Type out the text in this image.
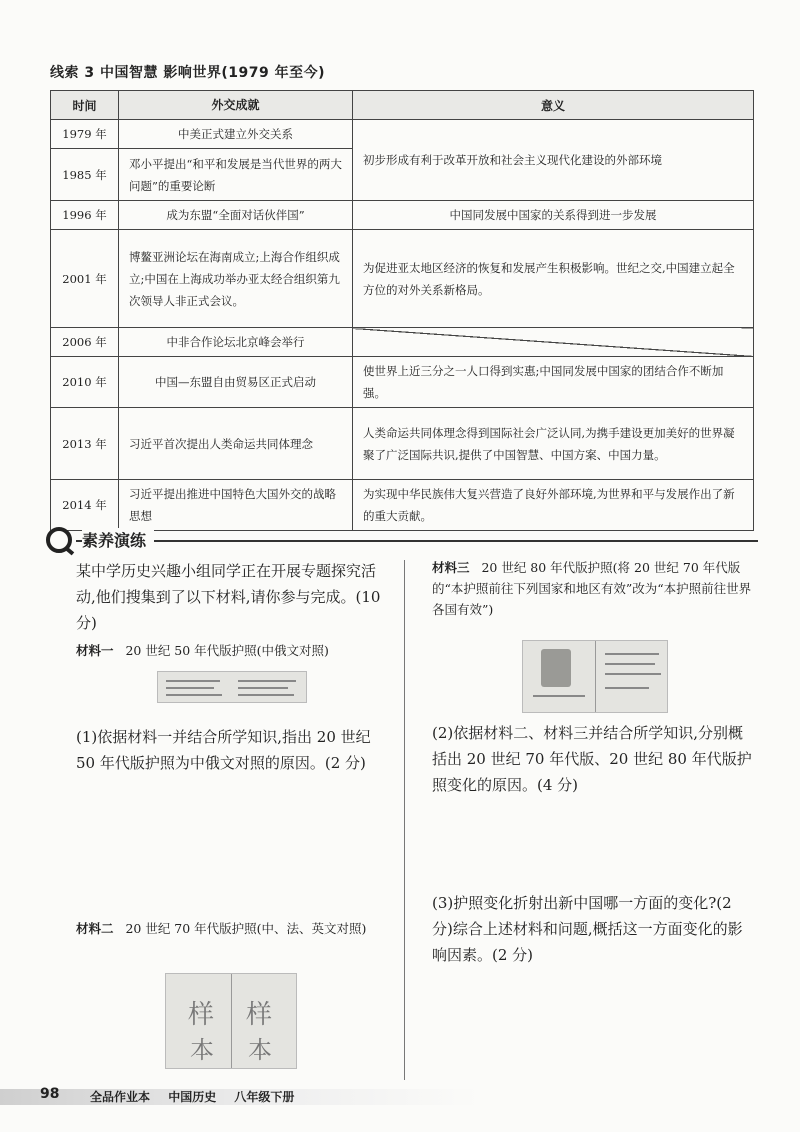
线索 3 中国智慧 影响世界(1979 年至今)
时间	外交成就	意义
1979 年	中美正式建立外交关系	初步形成有利于改革开放和社会主义现代化建设的外部环境
1985 年	邓小平提出“和平和发展是当代世界的两大问题”的重要论断	
1996 年	成为东盟“全面对话伙伴国”	中国同发展中国家的关系得到进一步发展
2001 年	博鳌亚洲论坛在海南成立;上海合作组织成立;中国在上海成功举办亚太经合组织第九次领导人非正式会议。	为促进亚太地区经济的恢复和发展产生积极影响。世纪之交,中国建立起全方位的对外关系新格局。
2006 年	中非合作论坛北京峰会举行	
2010 年	中国—东盟自由贸易区正式启动	使世界上近三分之一人口得到实惠;中国同发展中国家的团结合作不断加强。
2013 年	习近平首次提出人类命运共同体理念	人类命运共同体理念得到国际社会广泛认同,为携手建设更加美好的世界凝聚了广泛国际共识,提供了中国智慧、中国方案、中国力量。
2014 年	习近平提出推进中国特色大国外交的战略思想	为实现中华民族伟大复兴营造了良好外部环境,为世界和平与发展作出了新的重大贡献。
素养演练
某中学历史兴趣小组同学正在开展专题探究活动,他们搜集到了以下材料,请你参与完成。(10 分)
材料一 20 世纪 50 年代版护照(中俄文对照)
(1)依据材料一并结合所学知识,指出 20 世纪 50 年代版护照为中俄文对照的原因。(2 分)
材料二 20 世纪 70 年代版护照(中、法、英文对照)
样
本
样
本
材料三 20 世纪 80 年代版护照(将 20 世纪 70 年代版的“本护照前往下列国家和地区有效”改为“本护照前往世界各国有效”)
(2)依据材料二、材料三并结合所学知识,分别概括出 20 世纪 70 年代版、20 世纪 80 年代版护照变化的原因。(4 分)
(3)护照变化折射出新中国哪一方面的变化?(2 分)综合上述材料和问题,概括这一方面变化的影响因素。(2 分)
98	全品作业本 中国历史 八年级下册
